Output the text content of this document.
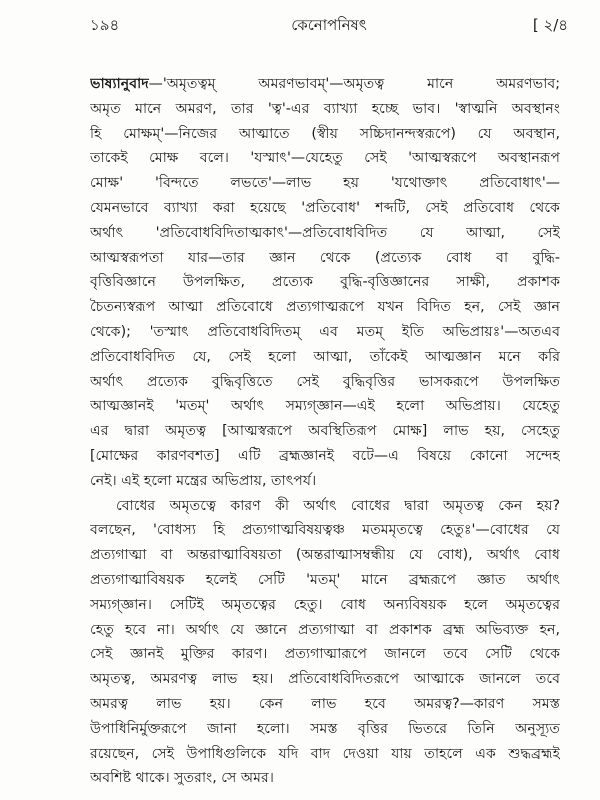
১৯৪	কেনোপনিষৎ	[ ২/৪
ভাষ্যানুবাদ—'অমৃতত্বম্ অমরণভাবম্'—অমৃতত্ব মানে অমরণভাব;
অমৃত মানে অমরণ, তার 'ত্ব'-এর ব্যাখ্যা হচ্ছে ভাব। 'স্বাত্মনি অবস্থানং
হি মোক্ষম্'—নিজের আত্মাতে (স্বীয় সচ্চিদানন্দস্বরূপে) যে অবস্থান,
তাকেই মোক্ষ বলে। 'যস্মাৎ'—যেহেতু সেই 'আত্মস্বরূপে অবস্থানরূপ
মোক্ষ' 'বিন্দতে লভতে'—লাভ হয় 'যথোক্তাৎ প্রতিবোধাৎ'—
যেমনভাবে ব্যাখ্যা করা হয়েছে 'প্রতিবোধ' শব্দটি, সেই প্রতিবোধ থেকে
অর্থাৎ 'প্রতিবোধবিদিতাত্মকাৎ'—প্রতিবোধবিদিত যে আত্মা, সেই
আত্মস্বরূপতা যার—তার জ্ঞান থেকে (প্রত্যেক বোধ বা বুদ্ধি-
বৃত্তিবিজ্ঞানে উপলক্ষিত, প্রত্যেক বুদ্ধি-বৃত্তিজ্ঞানের সাক্ষী, প্রকাশক
চৈতন্যস্বরূপ আত্মা প্রতিবোধে প্রত্যগাত্মরূপে যখন বিদিত হন, সেই জ্ঞান
থেকে); 'তস্মাৎ প্রতিবোধবিদিতম্ এব মতম্ ইতি অভিপ্রায়ঃ'—অতএব
প্রতিবোধবিদিত যে, সেই হলো আত্মা, তাঁকেই আত্মজ্ঞান মনে করি
অর্থাৎ প্রত্যেক বুদ্ধিবৃত্তিতে সেই বুদ্ধিবৃত্তির ভাসকরূপে উপলক্ষিত
আত্মজ্ঞানই 'মতম্' অর্থাৎ সম্যগ্জ্ঞান—এই হলো অভিপ্রায়। যেহেতু
এর দ্বারা অমৃতত্ব [আত্মস্বরূপে অবস্থিতিরূপ মোক্ষ] লাভ হয়, সেহেতু
[মোক্ষের কারণবশত] এটি ব্রহ্মজ্ঞানই বটে—এ বিষয়ে কোনো সন্দেহ
নেই। এই হলো মন্ত্রের অভিপ্রায়, তাৎপর্য।
বোধের অমৃতত্বে কারণ কী অর্থাৎ বোধের দ্বারা অমৃতত্ব কেন হয়?
বলছেন, 'বোধস্য হি প্রত্যগাত্মবিষয়ত্বঞ্চ মতমমৃতত্বে হেতুঃ'—বোধের যে
প্রত্যগাত্মা বা অন্তরাত্মাবিষয়তা (অন্তরাত্মাসম্বন্ধীয় যে বোধ), অর্থাৎ বোধ
প্রত্যগাত্মাবিষয়ক হলেই সেটি 'মতম্' মানে ব্রহ্মরূপে জ্ঞাত অর্থাৎ
সম্যগ্জ্ঞান। সেটিই অমৃতত্বের হেতু। বোধ অন্যবিষয়ক হলে অমৃতত্বের
হেতু হবে না। অর্থাৎ যে জ্ঞানে প্রত্যগাত্মা বা প্রকাশক ব্রহ্ম অভিব্যক্ত হন,
সেই জ্ঞানই মুক্তির কারণ। প্রত্যগাত্মারূপে জানলে তবে সেটি থেকে
অমৃতত্ব, অমরণত্ব লাভ হয়। প্রতিবোধবিদিতরূপে আত্মাকে জানলে তবে
অমরত্ব লাভ হয়। কেন লাভ হবে অমরত্ব?—কারণ সমস্ত
উপাধিনির্মুক্তরূপে জানা হলো। সমস্ত বৃত্তির ভিতরে তিনি অনুস্যূত
রয়েছেন, সেই উপাধিগুলিকে যদি বাদ দেওয়া যায় তাহলে এক শুদ্ধব্রহ্মই
অবশিষ্ট থাকে। সুতরাং, সে অমর।
